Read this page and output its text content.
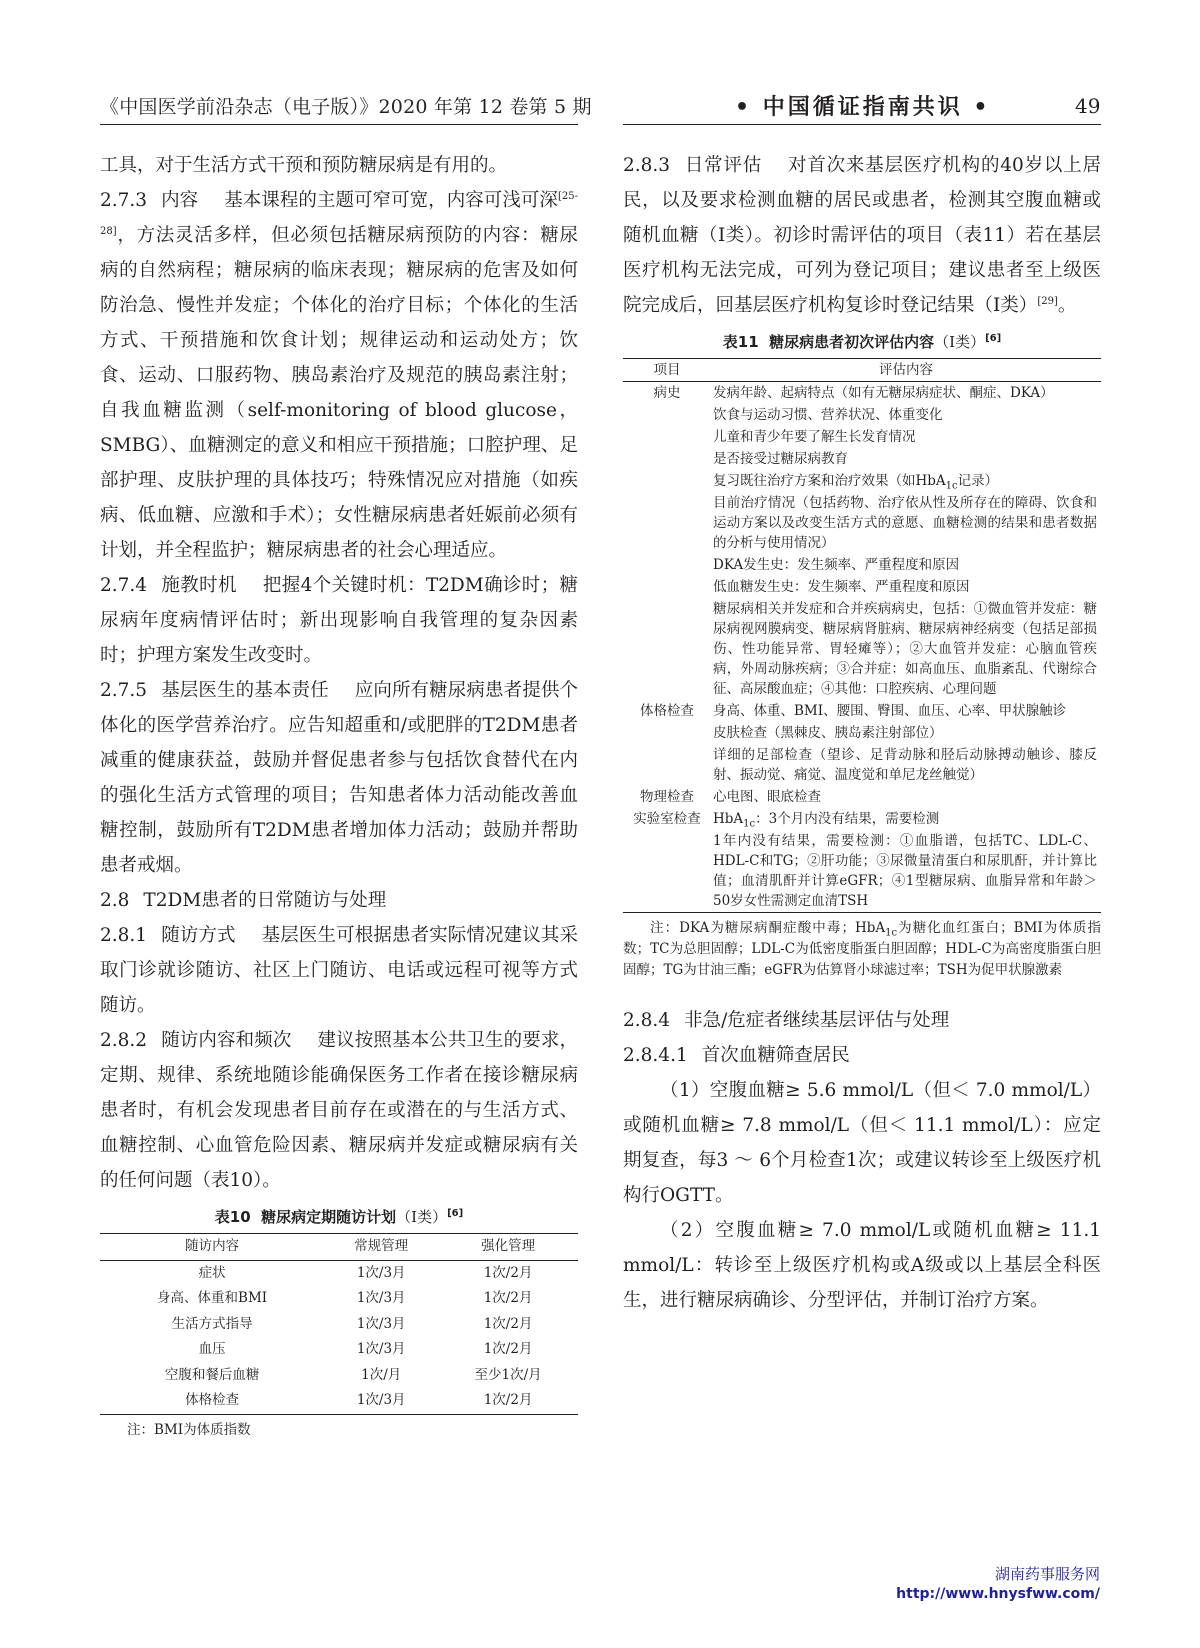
《中国医学前沿杂志（电子版）》2020 年第 12 卷第 5 期	• 中国循证指南共识 •	49

工具，对于生活方式干预和预防糖尿病是有用的。

2.7.3 内容 基本课程的主题可窄可宽，内容可浅可深[25-28]，方法灵活多样，但必须包括糖尿病预防的内容：糖尿病的自然病程；糖尿病的临床表现；糖尿病的危害及如何防治急、慢性并发症；个体化的治疗目标；个体化的生活方式、干预措施和饮食计划；规律运动和运动处方；饮食、运动、口服药物、胰岛素治疗及规范的胰岛素注射；自我血糖监测（self-monitoring of blood glucose，SMBG）、血糖测定的意义和相应干预措施；口腔护理、足部护理、皮肤护理的具体技巧；特殊情况应对措施（如疾病、低血糖、应激和手术）；女性糖尿病患者妊娠前必须有计划，并全程监护；糖尿病患者的社会心理适应。

2.7.4 施教时机 把握4个关键时机：T2DM确诊时；糖尿病年度病情评估时；新出现影响自我管理的复杂因素时；护理方案发生改变时。

2.7.5 基层医生的基本责任 应向所有糖尿病患者提供个体化的医学营养治疗。应告知超重和/或肥胖的T2DM患者减重的健康获益，鼓励并督促患者参与包括饮食替代在内的强化生活方式管理的项目；告知患者体力活动能改善血糖控制，鼓励所有T2DM患者增加体力活动；鼓励并帮助患者戒烟。

2.8 T2DM患者的日常随访与处理

2.8.1 随访方式 基层医生可根据患者实际情况建议其采取门诊就诊随访、社区上门随访、电话或远程可视等方式随访。

2.8.2 随访内容和频次 建议按照基本公共卫生的要求，定期、规律、系统地随诊能确保医务工作者在接诊糖尿病患者时，有机会发现患者目前存在或潜在的与生活方式、血糖控制、心血管危险因素、糖尿病并发症或糖尿病有关的任何问题（表10）。

表10 糖尿病定期随访计划（Ⅰ类）[6]
随访内容	常规管理	强化管理
症状	1次/3月	1次/2月
身高、体重和BMI	1次/3月	1次/2月
生活方式指导	1次/3月	1次/2月
血压	1次/3月	1次/2月
空腹和餐后血糖	1次/月	至少1次/月
体格检查	1次/3月	1次/2月

注：BMI为体质指数

2.8.3 日常评估 对首次来基层医疗机构的40岁以上居民，以及要求检测血糖的居民或患者，检测其空腹血糖或随机血糖（Ⅰ类）。初诊时需评估的项目（表11）若在基层医疗机构无法完成，可列为登记项目；建议患者至上级医院完成后，回基层医疗机构复诊时登记结果（Ⅰ类）[29]。

表11 糖尿病患者初次评估内容（Ⅰ类）[6]
项目	评估内容
病史	发病年龄、起病特点（如有无糖尿病症状、酮症、DKA）
	饮食与运动习惯、营养状况、体重变化
	儿童和青少年要了解生长发育情况
	是否接受过糖尿病教育
	复习既往治疗方案和治疗效果（如HbA$_{1c}$记录）
	目前治疗情况（包括药物、治疗依从性及所存在的障碍、饮食和运动方案以及改变生活方式的意愿、血糖检测的结果和患者数据的分析与使用情况）
	DKA发生史：发生频率、严重程度和原因
	低血糖发生史：发生频率、严重程度和原因
	糖尿病相关并发症和合并疾病病史，包括：①微血管并发症：糖尿病视网膜病变、糖尿病肾脏病、糖尿病神经病变（包括足部损伤、性功能异常、胃轻瘫等）；②大血管并发症：心脑血管疾病，外周动脉疾病；③合并症：如高血压、血脂紊乱、代谢综合征、高尿酸血症；④其他：口腔疾病、心理问题
体格检查	身高、体重、BMI、腰围、臀围、血压、心率、甲状腺触诊
	皮肤检查（黑棘皮、胰岛素注射部位）
	详细的足部检查（望诊、足背动脉和胫后动脉搏动触诊、膝反射、振动觉、痛觉、温度觉和单尼龙丝触觉）
物理检查	心电图、眼底检查
实验室检查	HbA$_{1c}$：3个月内没有结果，需要检测
	1年内没有结果，需要检测：①血脂谱，包括TC、LDL-C、HDL-C和TG；②肝功能；③尿微量清蛋白和尿肌酐，并计算比值；血清肌酐并计算eGFR；④1型糖尿病、血脂异常和年龄＞50岁女性需测定血清TSH

注：DKA为糖尿病酮症酸中毒；HbA$_{1c}$为糖化血红蛋白；BMI为体质指数；TC为总胆固醇；LDL-C为低密度脂蛋白胆固醇；HDL-C为高密度脂蛋白胆固醇；TG为甘油三酯；eGFR为估算肾小球滤过率；TSH为促甲状腺激素

2.8.4 非急/危症者继续基层评估与处理

2.8.4.1 首次血糖筛查居民

（1）空腹血糖≥ 5.6 mmol/L（但＜ 7.0 mmol/L）或随机血糖≥ 7.8 mmol/L（但＜ 11.1 mmol/L）：应定期复查，每3 ～ 6个月检查1次；或建议转诊至上级医疗机构行OGTT。

（2）空腹血糖≥ 7.0 mmol/L或随机血糖≥ 11.1 mmol/L：转诊至上级医疗机构或A级或以上基层全科医生，进行糖尿病确诊、分型评估，并制订治疗方案。

湖南药事服务网
http://www.hnysfww.com/
